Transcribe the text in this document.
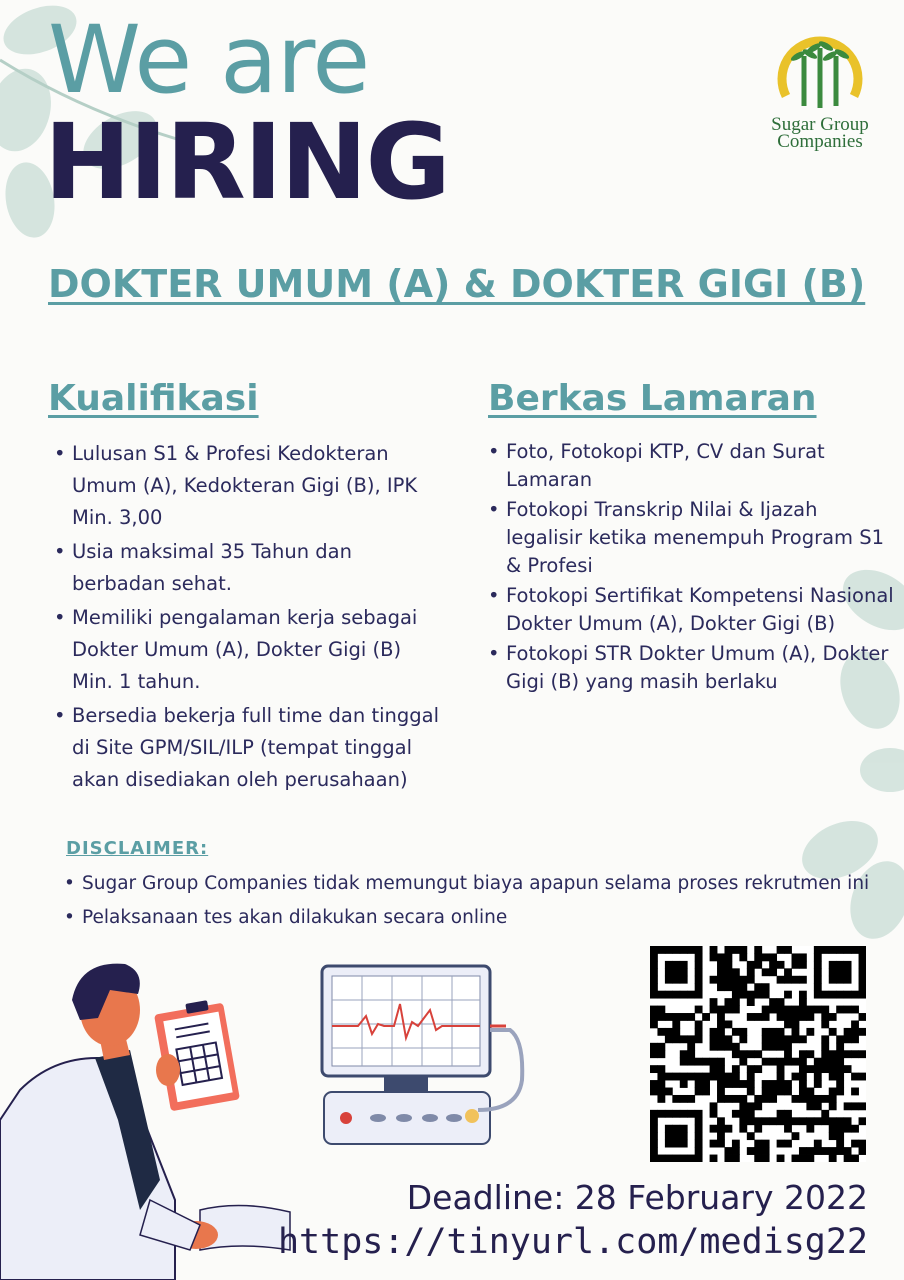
We are
HIRING	Sugar Group
Companies
DOKTER UMUM (A) & DOKTER GIGI (B)
Kualifikasi
• Lulusan S1 & Profesi Kedokteran Umum (A), Kedokteran Gigi (B), IPK Min. 3,00
• Usia maksimal 35 Tahun dan berbadan sehat.
• Memiliki pengalaman kerja sebagai Dokter Umum (A), Dokter Gigi (B) Min. 1 tahun.
• Bersedia bekerja full time dan tinggal di Site GPM/SIL/ILP (tempat tinggal akan disediakan oleh perusahaan)
Berkas Lamaran
• Foto, Fotokopi KTP, CV dan Surat Lamaran
• Fotokopi Transkrip Nilai & Ijazah legalisir ketika menempuh Program S1 & Profesi
• Fotokopi Sertifikat Kompetensi Nasional Dokter Umum (A), Dokter Gigi (B)
• Fotokopi STR Dokter Umum (A), Dokter Gigi (B) yang masih berlaku
DISCLAIMER:
• Sugar Group Companies tidak memungut biaya apapun selama proses rekrutmen ini
• Pelaksanaan tes akan dilakukan secara online
Deadline: 28 February 2022
https://tinyurl.com/medisg22
